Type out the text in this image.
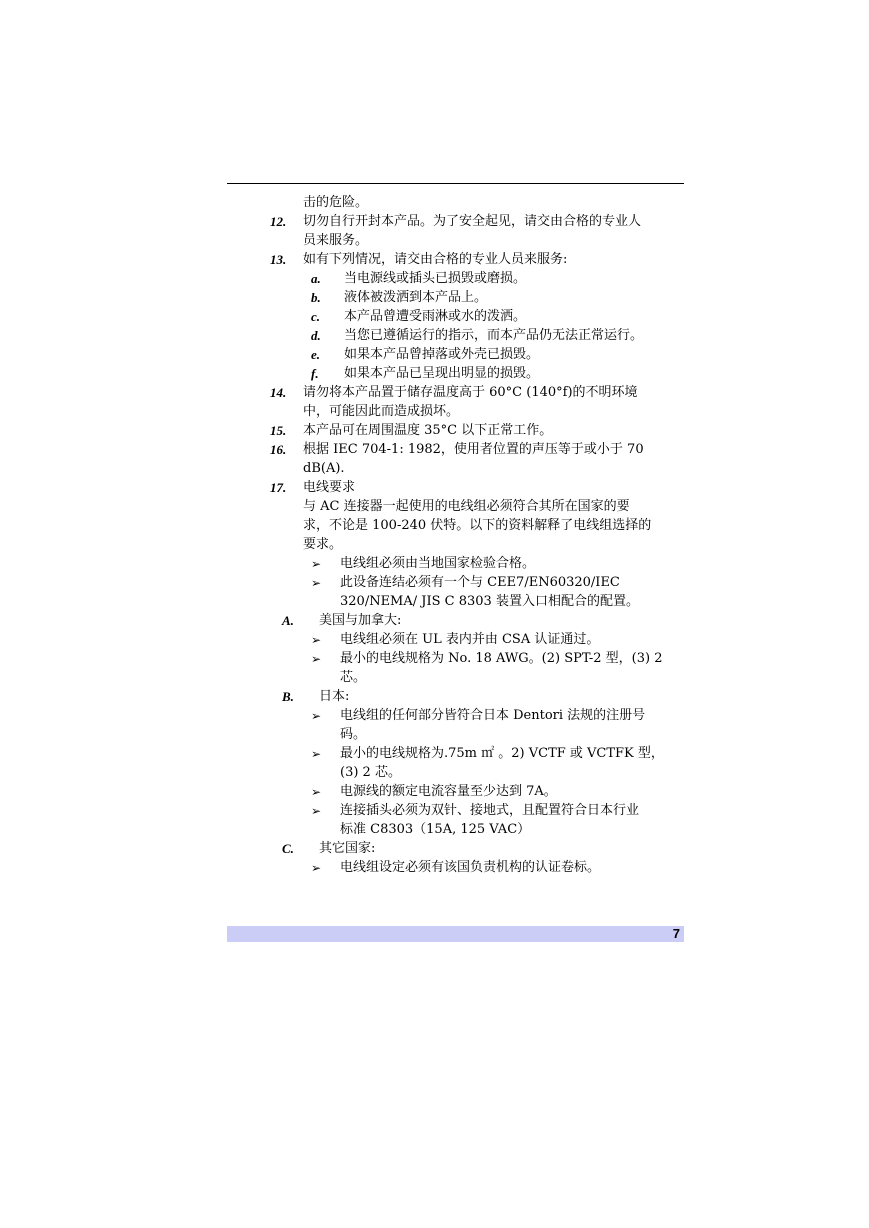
击的危险。
12. 切勿自行开封本产品。为了安全起见，请交由合格的专业人
员来服务。
13. 如有下列情况，请交由合格的专业人员来服务:
a. 当电源线或插头已损毁或磨损。
b. 液体被泼洒到本产品上。
c. 本产品曾遭受雨淋或水的泼洒。
d. 当您已遵循运行的指示，而本产品仍无法正常运行。
e. 如果本产品曾掉落或外壳已损毁。
f. 如果本产品已呈现出明显的损毁。
14. 请勿将本产品置于储存温度高于 60°C (140°f)的不明环境
中，可能因此而造成损坏。
15. 本产品可在周围温度 35°C 以下正常工作。
16. 根据 IEC 704-1: 1982，使用者位置的声压等于或小于 70
dB(A).
17. 电线要求
与 AC 连接器一起使用的电线组必须符合其所在国家的要
求，不论是 100-240 伏特。以下的资料解释了电线组选择的
要求。
➢ 电线组必须由当地国家检验合格。
➢ 此设备连结必须有一个与 CEE7/EN60320/IEC
320/NEMA/ JIS C 8303 装置入口相配合的配置。
A. 美国与加拿大:
➢ 电线组必须在 UL 表内并由 CSA 认证通过。
➢ 最小的电线规格为 No. 18 AWG。(2) SPT-2 型，(3) 2
芯。
B. 日本:
➢ 电线组的任何部分皆符合日本 Dentori 法规的注册号
码。
➢ 最小的电线规格为.75m ㎡ 。2) VCTF 或 VCTFK 型，
(3) 2 芯。
➢ 电源线的额定电流容量至少达到 7A。
➢ 连接插头必须为双针、接地式，且配置符合日本行业
标准 C8303（15A, 125 VAC）
C. 其它国家:
➢ 电线组设定必须有该国负责机构的认证卷标。
7
